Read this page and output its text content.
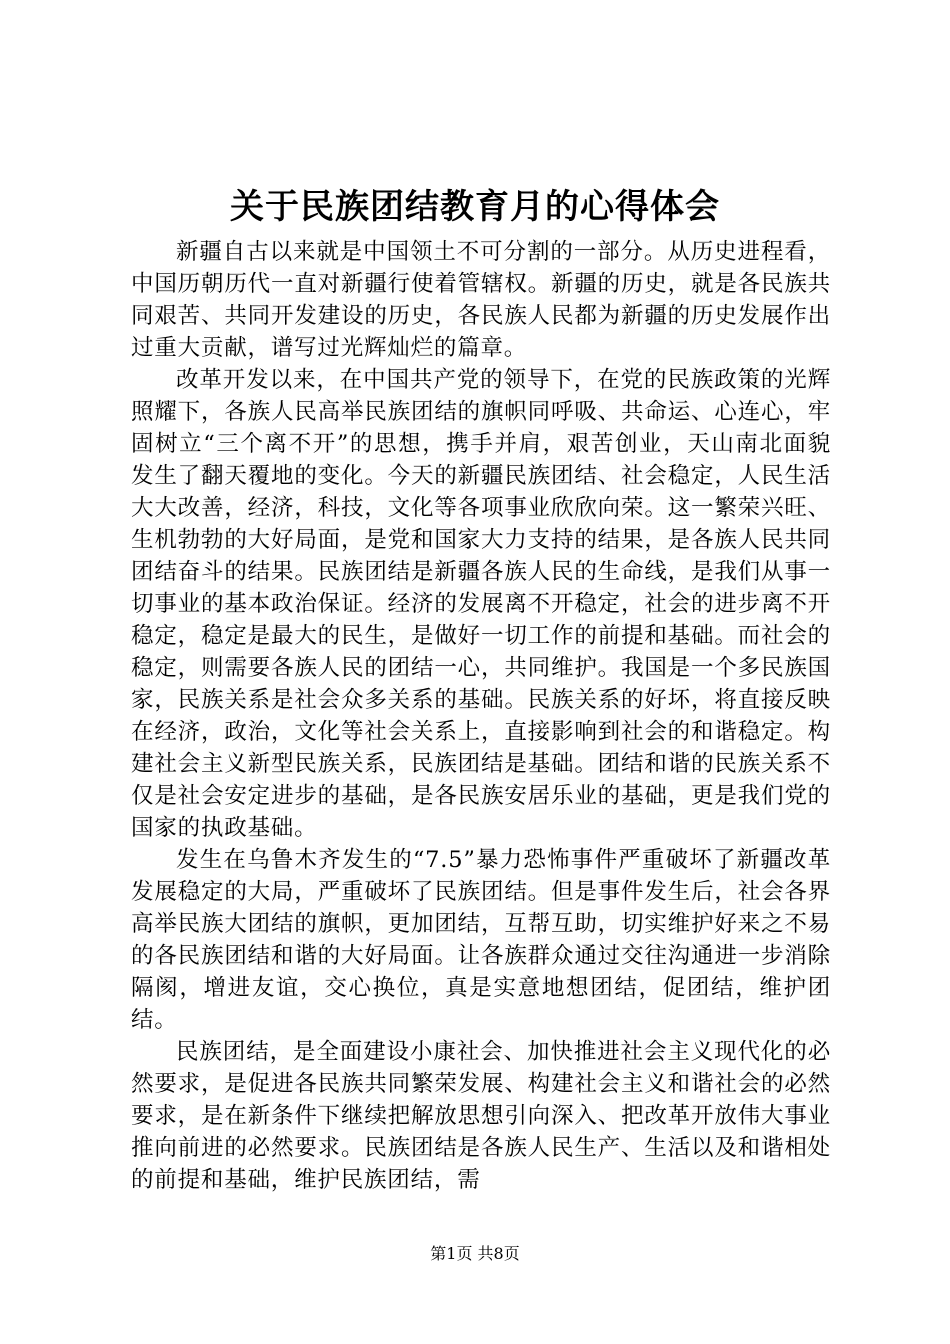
关于民族团结教育月的心得体会

新疆自古以来就是中国领土不可分割的一部分。从历史进程看，中国历朝历代一直对新疆行使着管辖权。新疆的历史，就是各民族共同艰苦、共同开发建设的历史，各民族人民都为新疆的历史发展作出过重大贡献，谱写过光辉灿烂的篇章。

改革开发以来，在中国共产党的领导下，在党的民族政策的光辉照耀下，各族人民高举民族团结的旗帜同呼吸、共命运、心连心，牢固树立“三个离不开”的思想，携手并肩，艰苦创业，天山南北面貌发生了翻天覆地的变化。今天的新疆民族团结、社会稳定，人民生活大大改善，经济，科技，文化等各项事业欣欣向荣。这一繁荣兴旺、生机勃勃的大好局面，是党和国家大力支持的结果，是各族人民共同团结奋斗的结果。民族团结是新疆各族人民的生命线，是我们从事一切事业的基本政治保证。经济的发展离不开稳定，社会的进步离不开稳定，稳定是最大的民生，是做好一切工作的前提和基础。而社会的稳定，则需要各族人民的团结一心，共同维护。我国是一个多民族国家，民族关系是社会众多关系的基础。民族关系的好坏，将直接反映在经济，政治，文化等社会关系上，直接影响到社会的和谐稳定。构建社会主义新型民族关系，民族团结是基础。团结和谐的民族关系不仅是社会安定进步的基础，是各民族安居乐业的基础，更是我们党的国家的执政基础。

发生在乌鲁木齐发生的“7.5”暴力恐怖事件严重破坏了新疆改革发展稳定的大局，严重破坏了民族团结。但是事件发生后，社会各界高举民族大团结的旗帜，更加团结，互帮互助，切实维护好来之不易的各民族团结和谐的大好局面。让各族群众通过交往沟通进一步消除隔阂，增进友谊，交心换位，真是实意地想团结，促团结，维护团结。

民族团结，是全面建设小康社会、加快推进社会主义现代化的必然要求，是促进各民族共同繁荣发展、构建社会主义和谐社会的必然要求，是在新条件下继续把解放思想引向深入、把改革开放伟大事业推向前进的必然要求。民族团结是各族人民生产、生活以及和谐相处的前提和基础，维护民族团结，需

第1页 共8页
